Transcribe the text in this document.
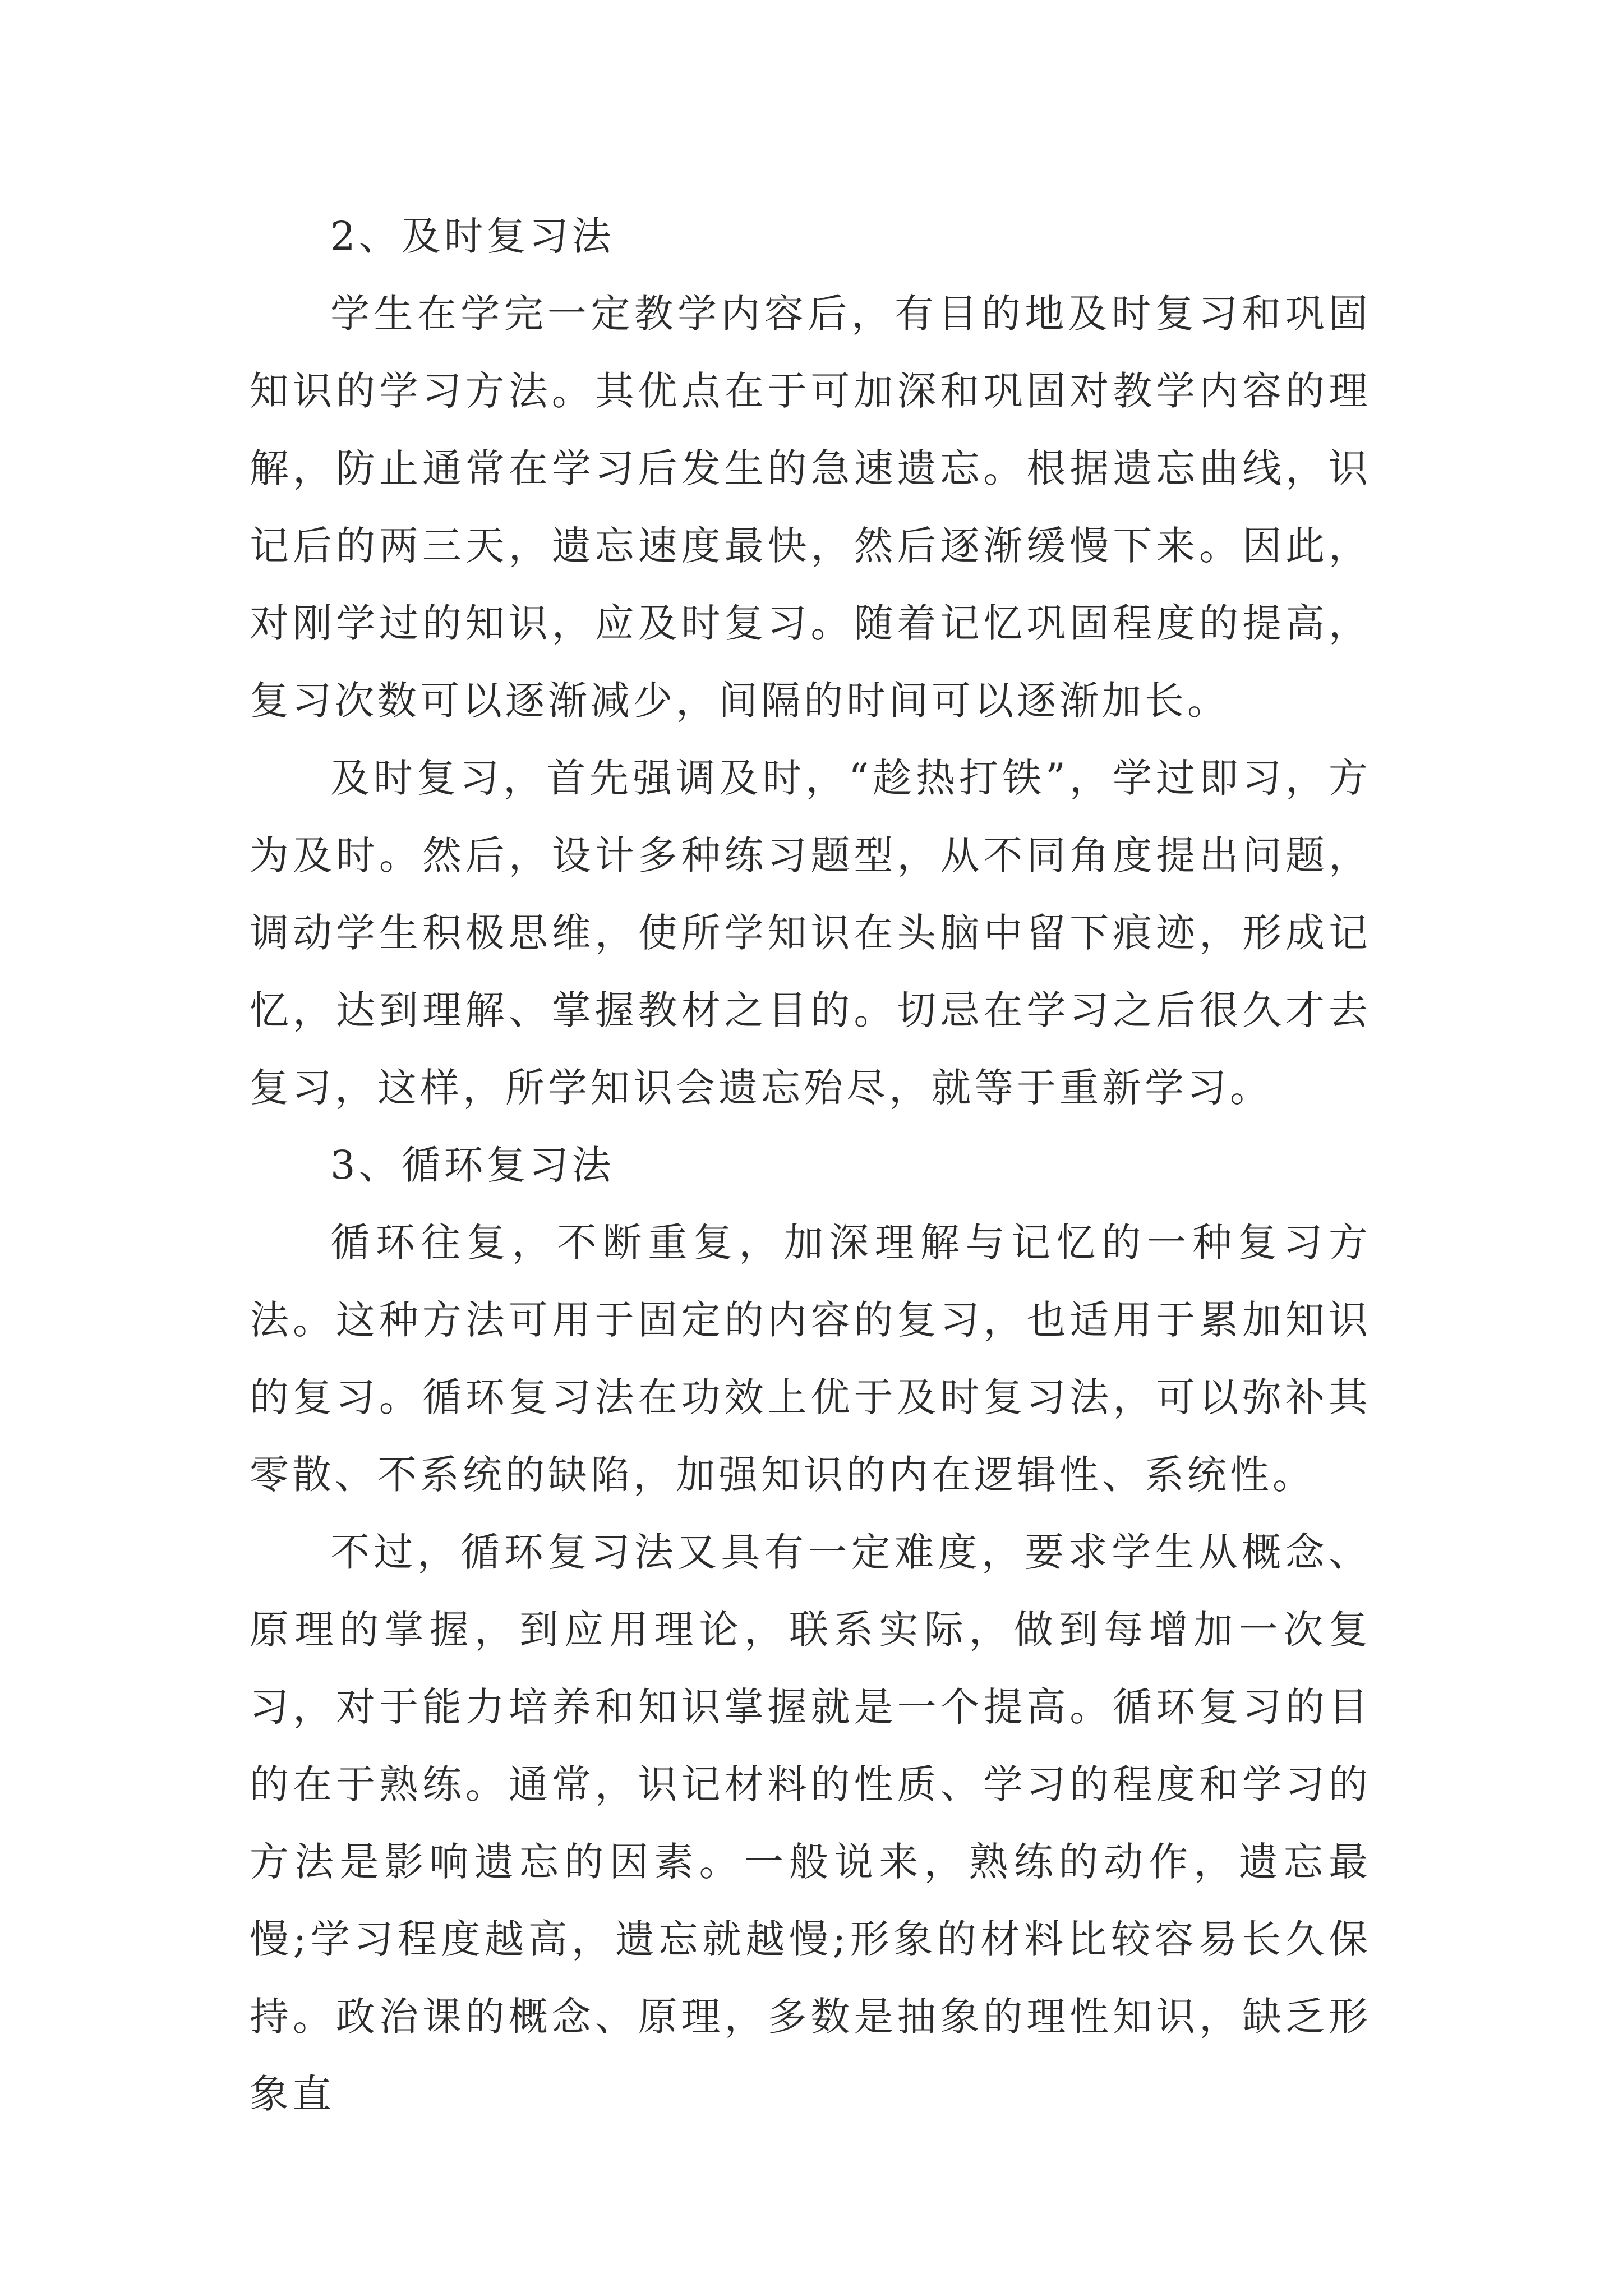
2、及时复习法

学生在学完一定教学内容后，有目的地及时复习和巩固知识的学习方法。其优点在于可加深和巩固对教学内容的理解，防止通常在学习后发生的急速遗忘。根据遗忘曲线，识记后的两三天，遗忘速度最快，然后逐渐缓慢下来。因此，对刚学过的知识，应及时复习。随着记忆巩固程度的提高，复习次数可以逐渐减少，间隔的时间可以逐渐加长。

及时复习，首先强调及时，“趁热打铁”，学过即习，方为及时。然后，设计多种练习题型，从不同角度提出问题，调动学生积极思维，使所学知识在头脑中留下痕迹，形成记忆，达到理解、掌握教材之目的。切忌在学习之后很久才去复习，这样，所学知识会遗忘殆尽，就等于重新学习。

3、循环复习法

循环往复，不断重复，加深理解与记忆的一种复习方法。这种方法可用于固定的内容的复习，也适用于累加知识的复习。循环复习法在功效上优于及时复习法，可以弥补其零散、不系统的缺陷，加强知识的内在逻辑性、系统性。

不过，循环复习法又具有一定难度，要求学生从概念、原理的掌握，到应用理论，联系实际，做到每增加一次复习，对于能力培养和知识掌握就是一个提高。循环复习的目的在于熟练。通常，识记材料的性质、学习的程度和学习的方法是影响遗忘的因素。一般说来，熟练的动作，遗忘最慢;学习程度越高，遗忘就越慢;形象的材料比较容易长久保持。政治课的概念、原理，多数是抽象的理性知识，缺乏形象直
